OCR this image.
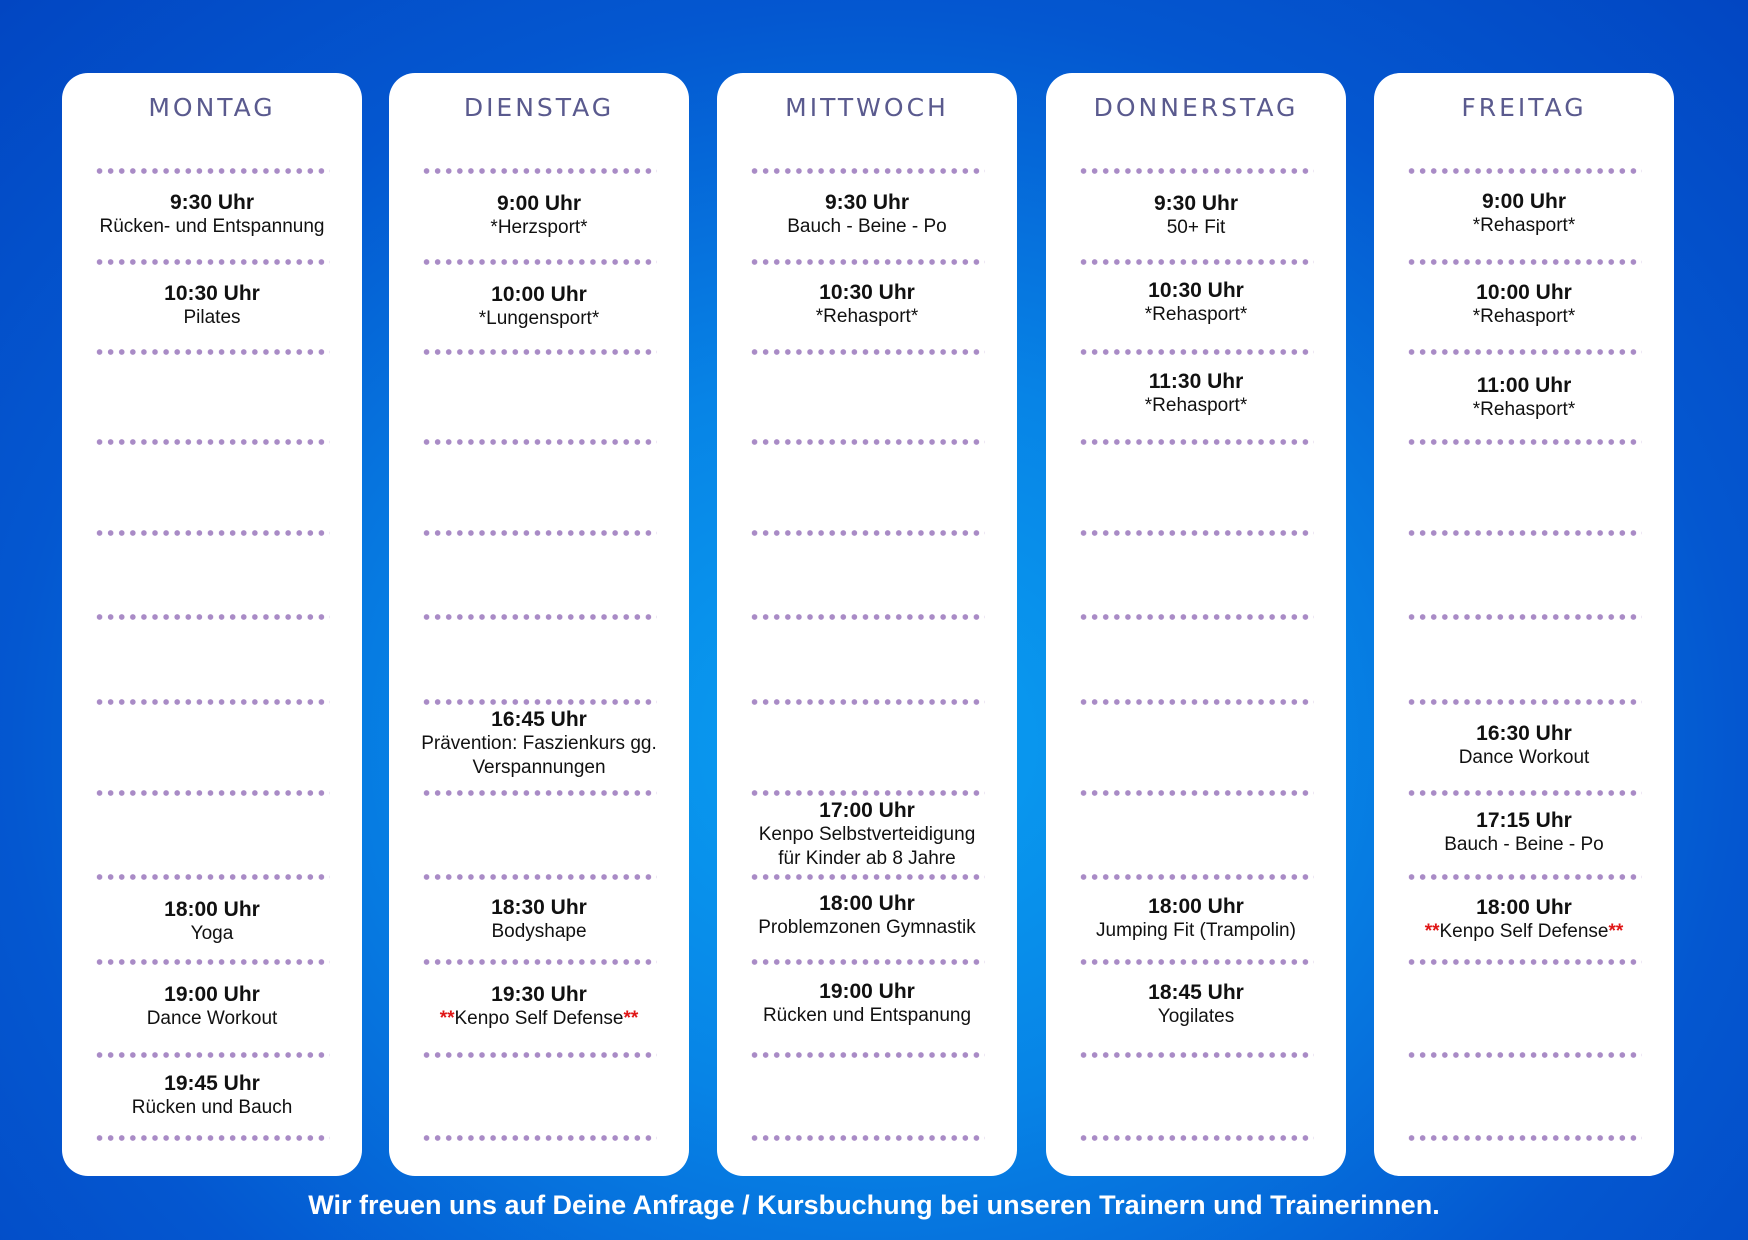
MONTAG
9:30 Uhr
Rücken- und Entspannung
10:30 Uhr
Pilates
18:00 Uhr
Yoga
19:00 Uhr
Dance Workout
19:45 Uhr
Rücken und Bauch
DIENSTAG
9:00 Uhr
*Herzsport*
10:00 Uhr
*Lungensport*
16:45 Uhr
Prävention: Faszienkurs gg.
Verspannungen
18:30 Uhr
Bodyshape
19:30 Uhr
**Kenpo Self Defense**
MITTWOCH
9:30 Uhr
Bauch - Beine - Po
10:30 Uhr
*Rehasport*
17:00 Uhr
Kenpo Selbstverteidigung
für Kinder ab 8 Jahre
18:00 Uhr
Problemzonen Gymnastik
19:00 Uhr
Rücken und Entspanung
DONNERSTAG
9:30 Uhr
50+ Fit
10:30 Uhr
*Rehasport*
11:30 Uhr
*Rehasport*
18:00 Uhr
Jumping Fit (Trampolin)
18:45 Uhr
Yogilates
FREITAG
9:00 Uhr
*Rehasport*
10:00 Uhr
*Rehasport*
11:00 Uhr
*Rehasport*
16:30 Uhr
Dance Workout
17:15 Uhr
Bauch - Beine - Po
18:00 Uhr
**Kenpo Self Defense**
Wir freuen uns auf Deine Anfrage / Kursbuchung bei unseren Trainern und Trainerinnen.
